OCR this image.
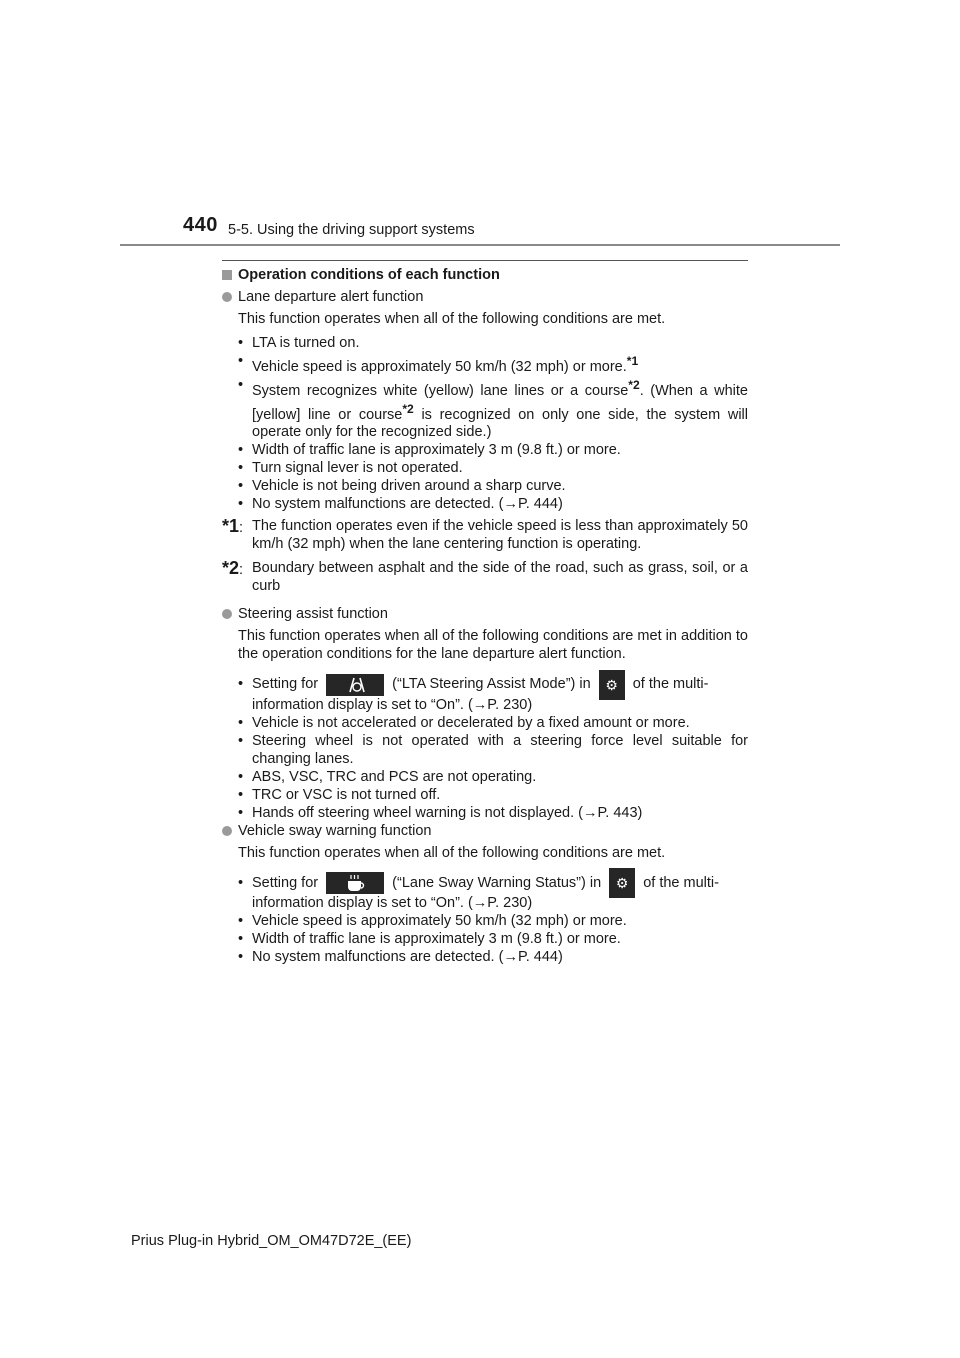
440 5-5. Using the driving support systems
Operation conditions of each function
Lane departure alert function
This function operates when all of the following conditions are met.
• LTA is turned on.
• Vehicle speed is approximately 50 km/h (32 mph) or more.$^{*1}$
• System recognizes white (yellow) lane lines or a course$^{*2}$. (When a white [yellow] line or course$^{*2}$ is recognized on only one side, the system will operate only for the recognized side.)
• Width of traffic lane is approximately 3 m (9.8 ft.) or more.
• Turn signal lever is not operated.
• Vehicle is not being driven around a sharp curve.
• No system malfunctions are detected. (→P. 444)
*1: The function operates even if the vehicle speed is less than approximately 50 km/h (32 mph) when the lane centering function is operating.
*2: Boundary between asphalt and the side of the road, such as grass, soil, or a curb
Steering assist function
This function operates when all of the following conditions are met in addition to the operation conditions for the lane departure alert function.
• Setting for	(“LTA Steering Assist Mode”) in ⚙ of the multi-
information display is set to “On”. (→P. 230)
• Vehicle is not accelerated or decelerated by a fixed amount or more.
• Steering wheel is not operated with a steering force level suitable for changing lanes.
• ABS, VSC, TRC and PCS are not operating.
• TRC or VSC is not turned off.
• Hands off steering wheel warning is not displayed. (→P. 443)
Vehicle sway warning function
This function operates when all of the following conditions are met.
• Setting for	(“Lane Sway Warning Status”) in ⚙ of the multi-
information display is set to “On”. (→P. 230)
• Vehicle speed is approximately 50 km/h (32 mph) or more.
• Width of traffic lane is approximately 3 m (9.8 ft.) or more.
• No system malfunctions are detected. (→P. 444)
Prius Plug-in Hybrid_OM_OM47D72E_(EE)
